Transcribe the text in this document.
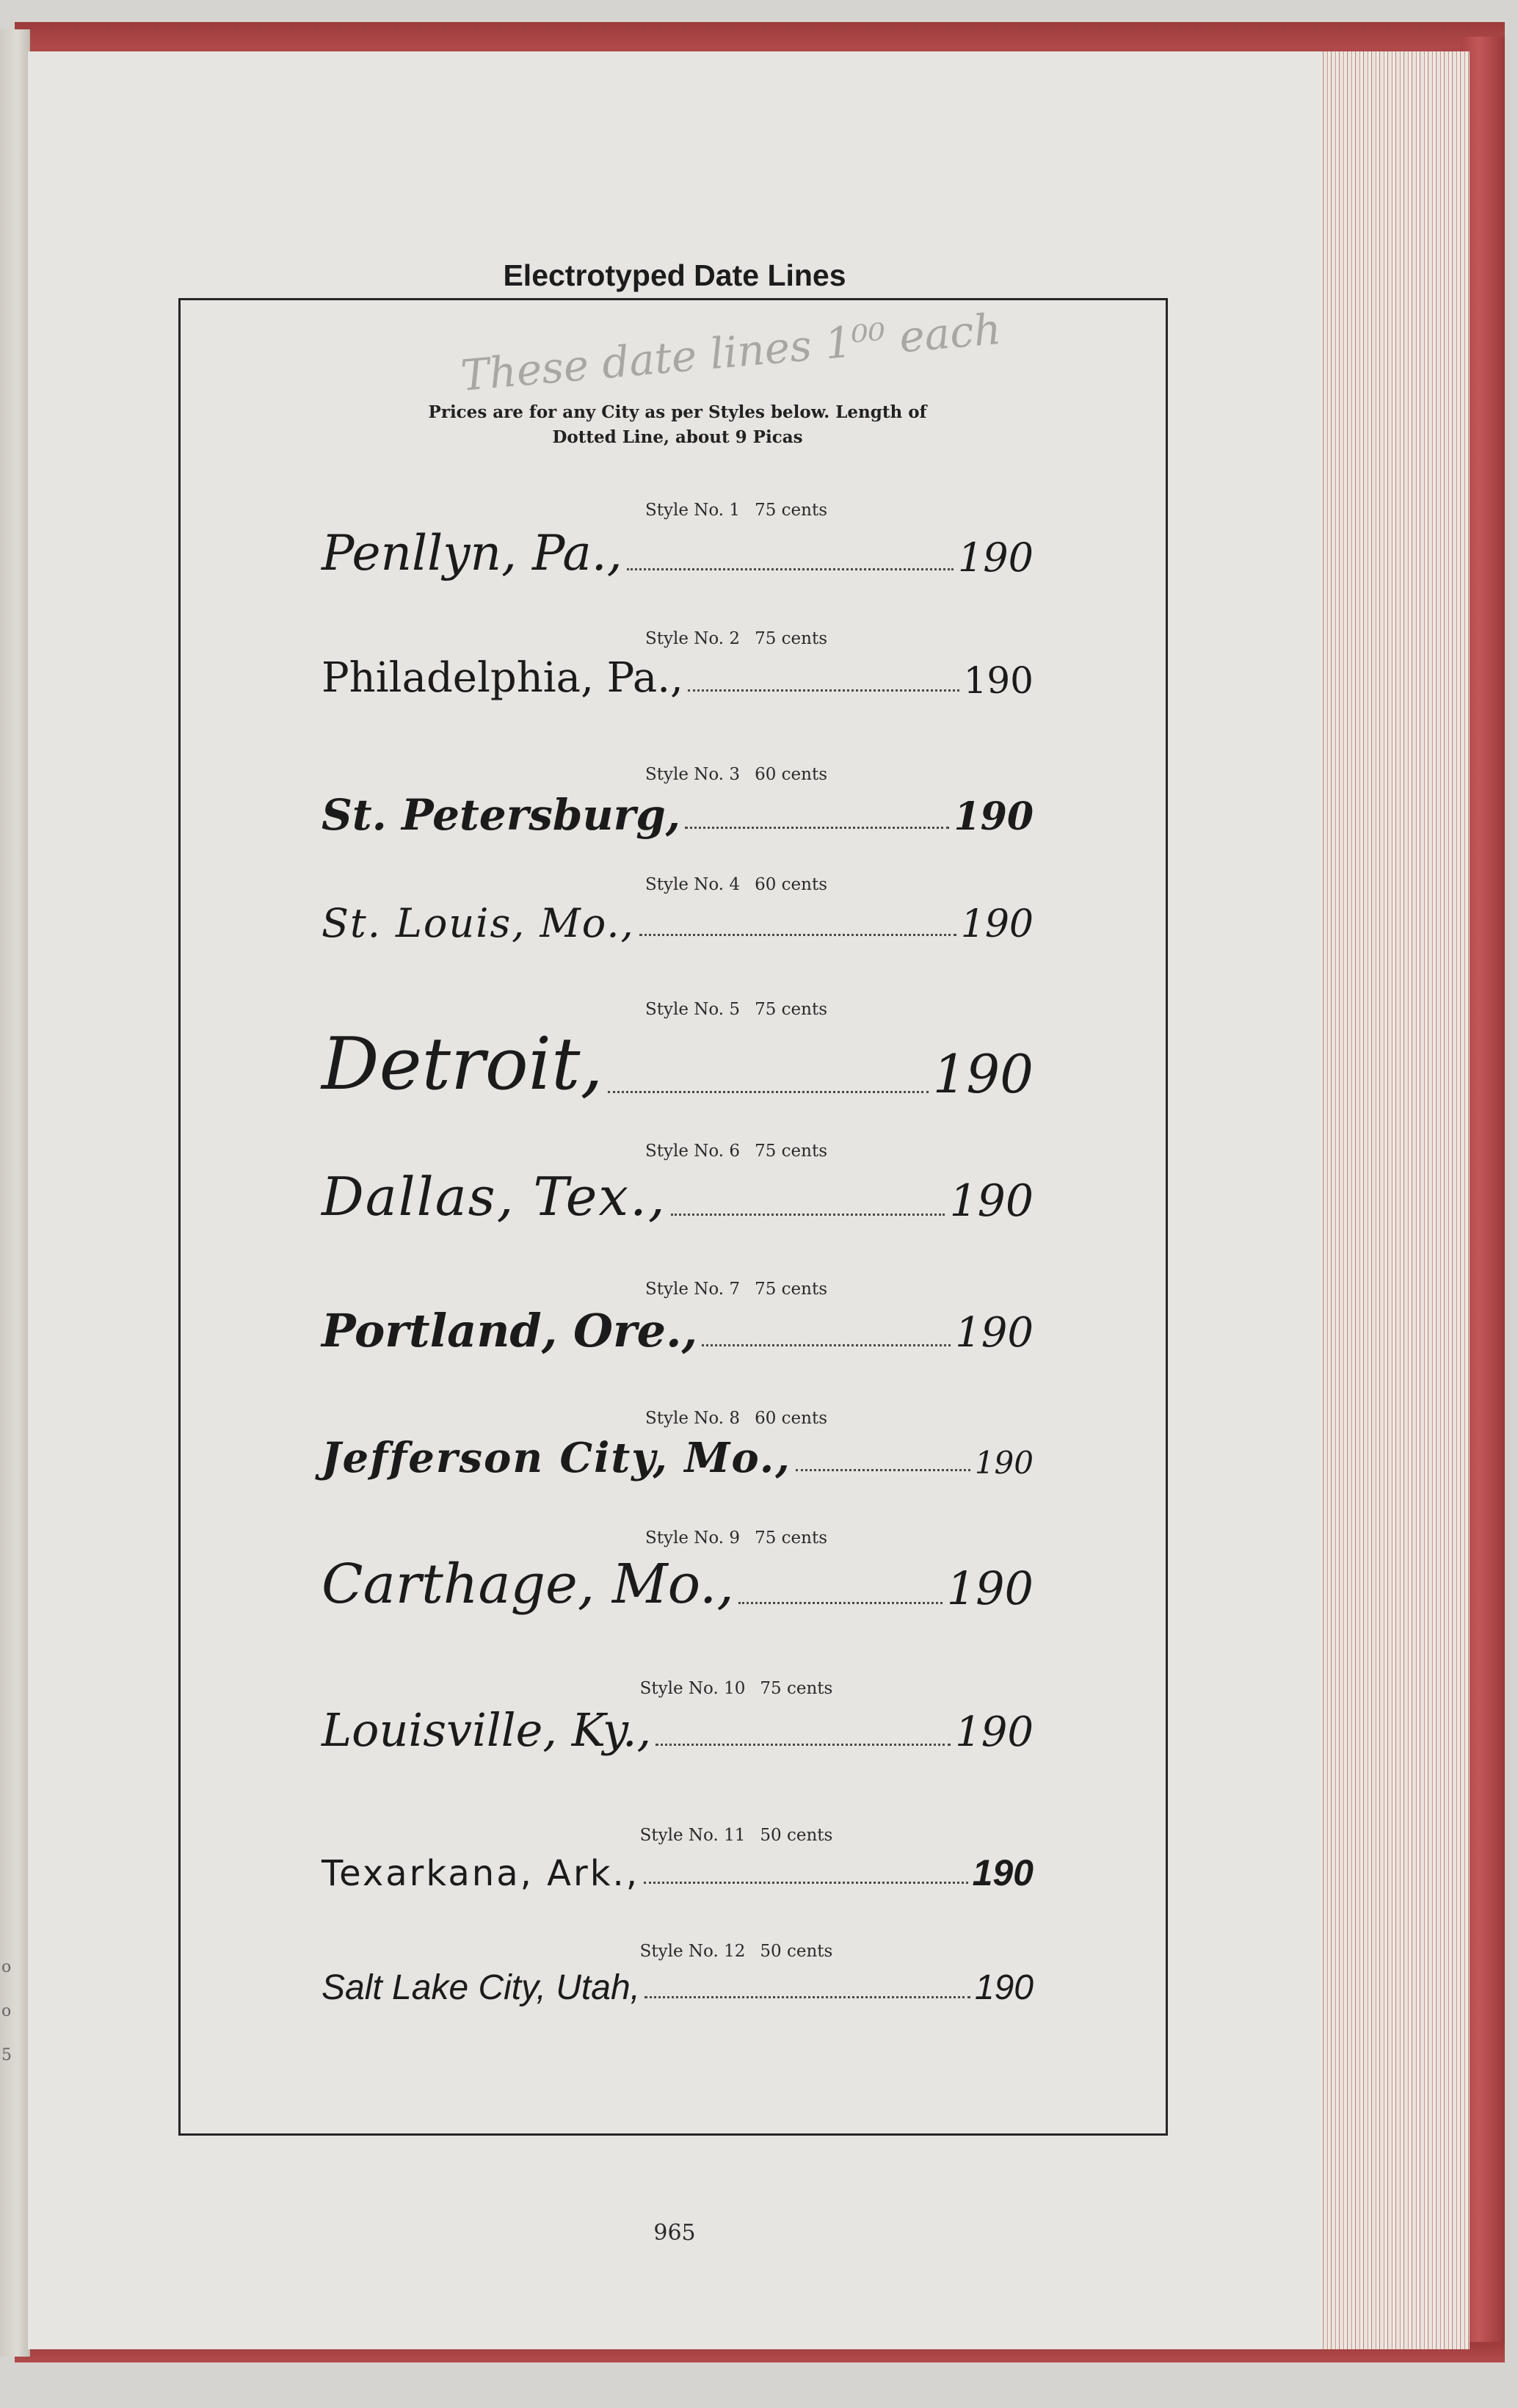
o
o
5
Electrotyped Date Lines
These date lines 1⁰⁰ each
Prices are for any City as per Styles below. Length of Dotted Line, about 9 Picas
Style No. 1 75 cents
Penllyn, Pa.,	190
Style No. 2 75 cents
Philadelphia, Pa.,	190
Style No. 3 60 cents
St. Petersburg,	190
Style No. 4 60 cents
St. Louis, Mo.,	190
Style No. 5 75 cents
Detroit,	190
Style No. 6 75 cents
Dallas, Tex.,	190
Style No. 7 75 cents
Portland, Ore.,	190
Style No. 8 60 cents
Jefferson City, Mo.,	190
Style No. 9 75 cents
Carthage, Mo.,	190
Style No. 10 75 cents
Louisville, Ky.,	190
Style No. 11 50 cents
Texarkana, Ark.,	190
Style No. 12 50 cents
Salt Lake City, Utah,	190
965
